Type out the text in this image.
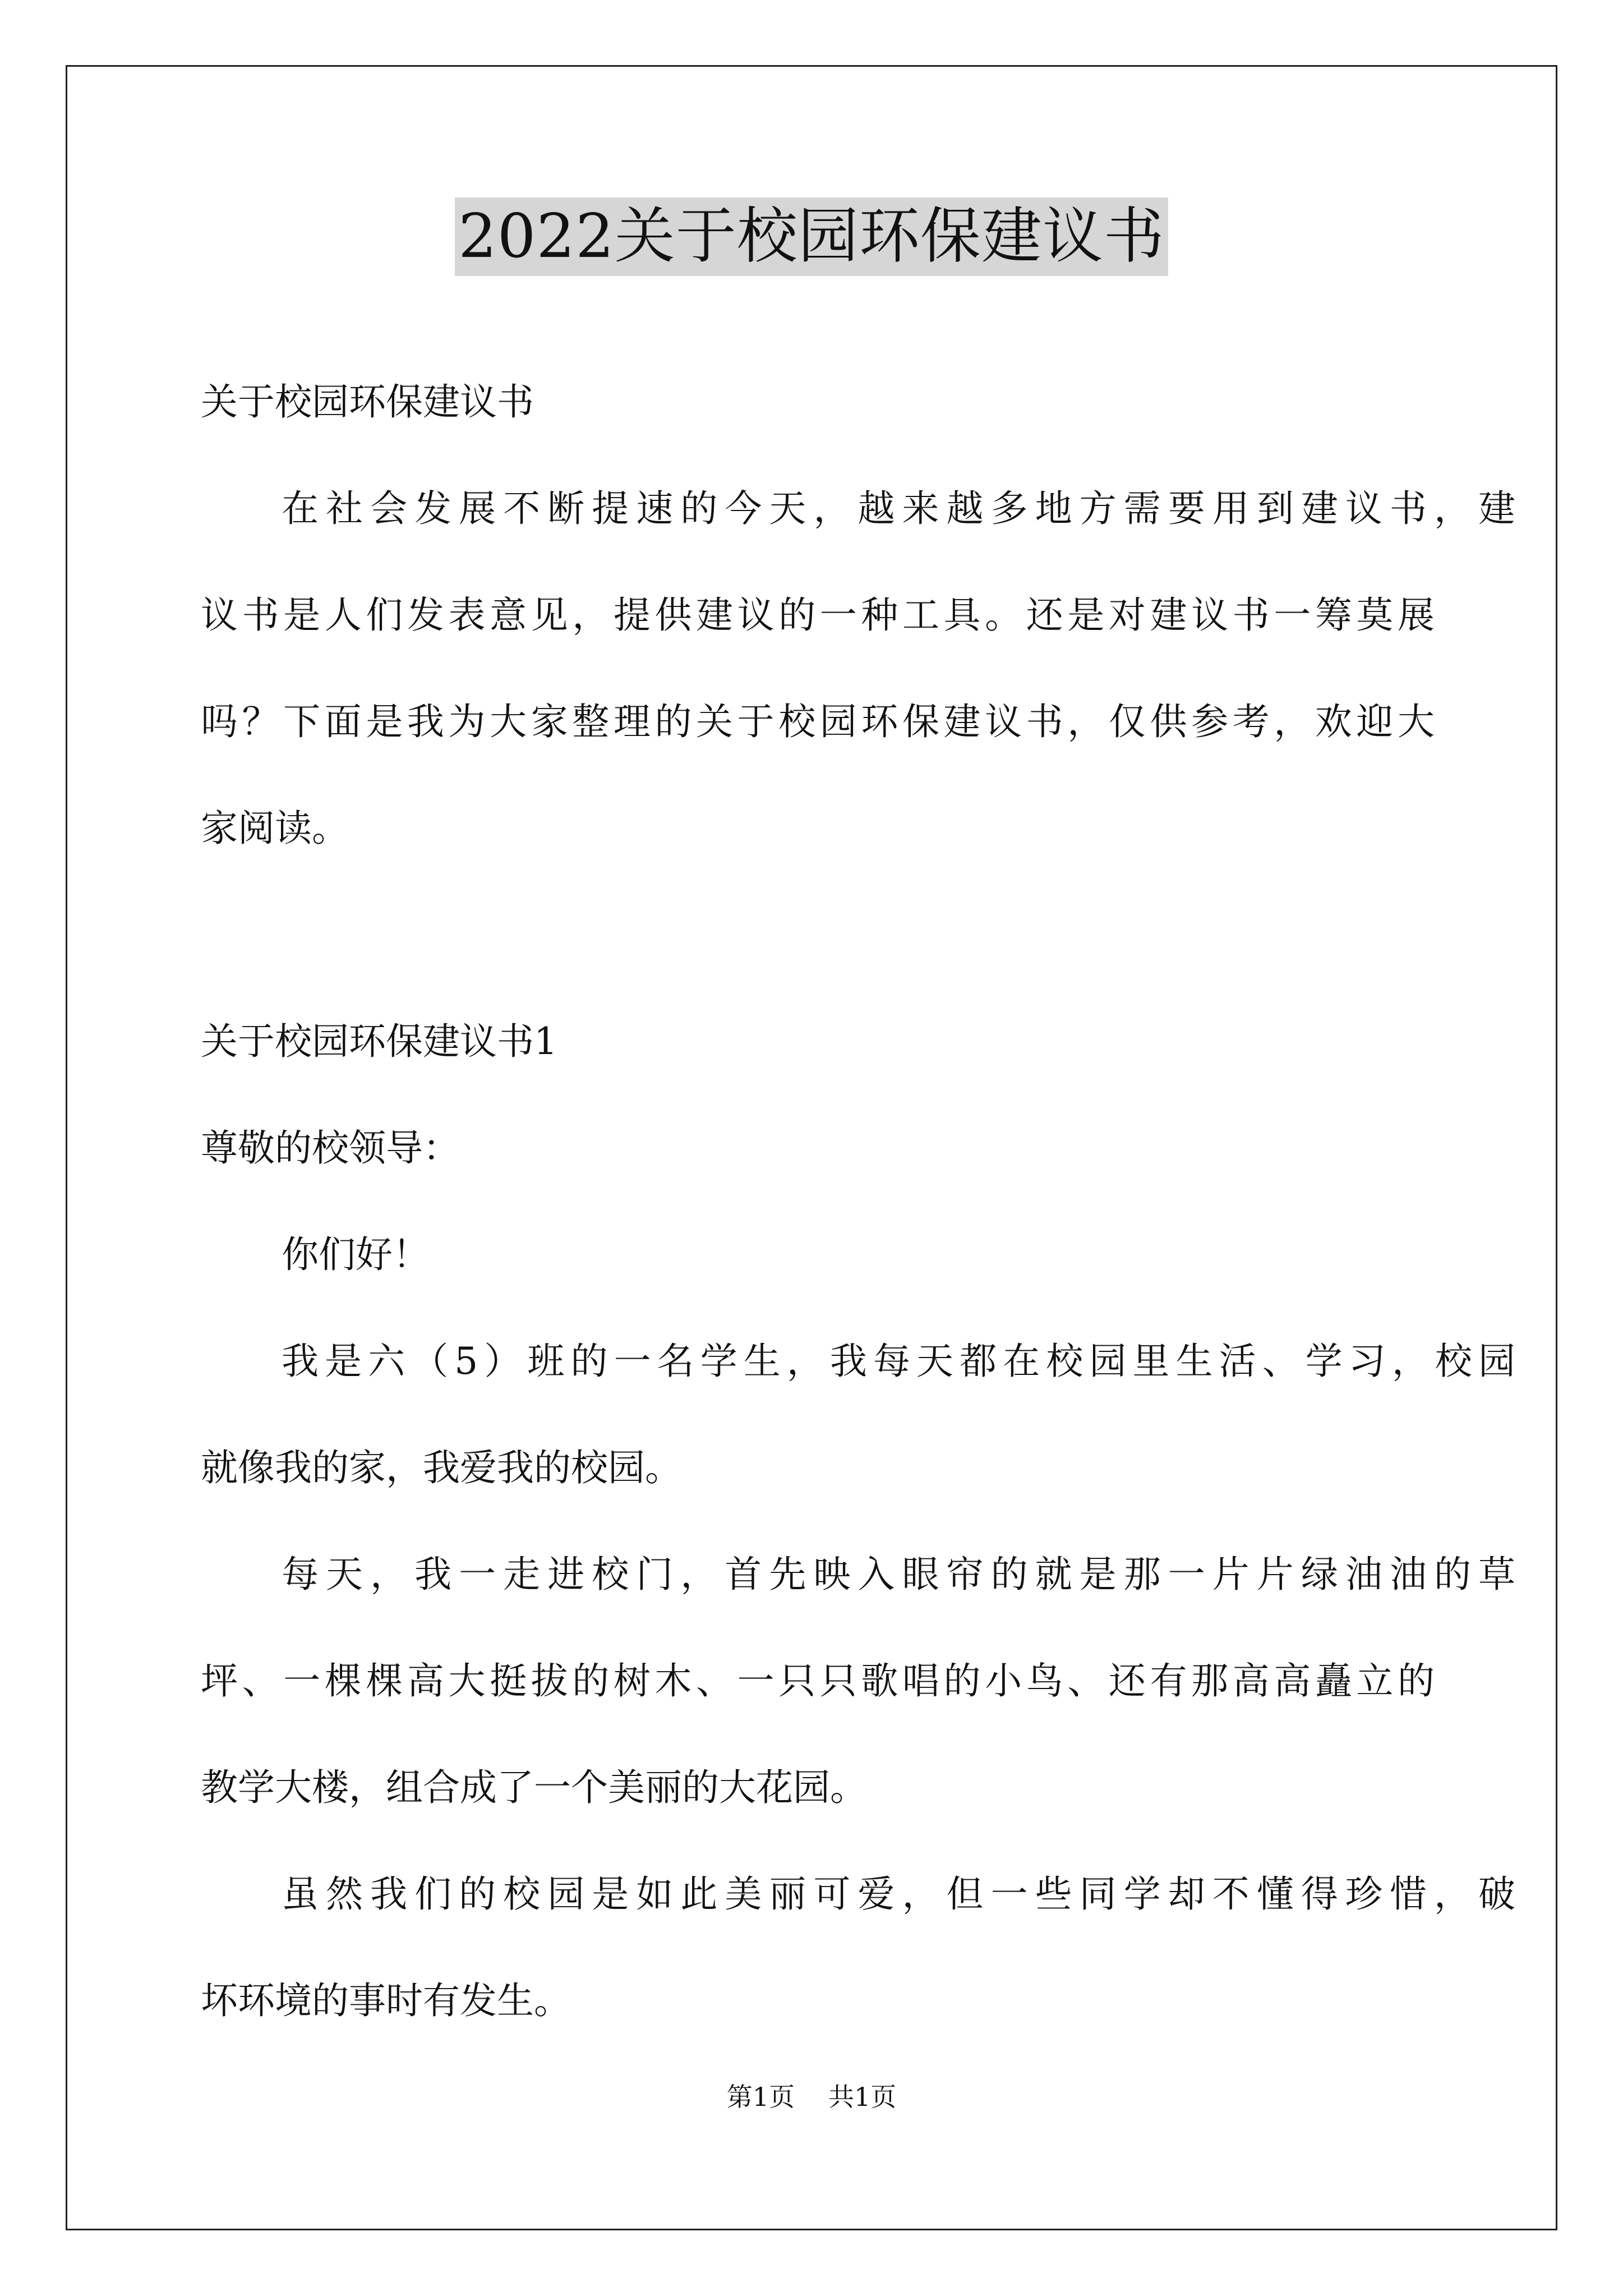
2022关于校园环保建议书
关于校园环保建议书
在社会发展不断提速的今天，越来越多地方需要用到建议书，建
议书是人们发表意见，提供建议的一种工具。还是对建议书一筹莫展
吗？下面是我为大家整理的关于校园环保建议书，仅供参考，欢迎大
家阅读。
关于校园环保建议书1
尊敬的校领导：
你们好！
我是六（5）班的一名学生，我每天都在校园里生活、学习，校园
就像我的家，我爱我的校园。
每天，我一走进校门，首先映入眼帘的就是那一片片绿油油的草
坪、一棵棵高大挺拔的树木、一只只歌唱的小鸟、还有那高高矗立的
教学大楼，组合成了一个美丽的大花园。
虽然我们的校园是如此美丽可爱，但一些同学却不懂得珍惜，破
坏环境的事时有发生。
第1页 共1页
